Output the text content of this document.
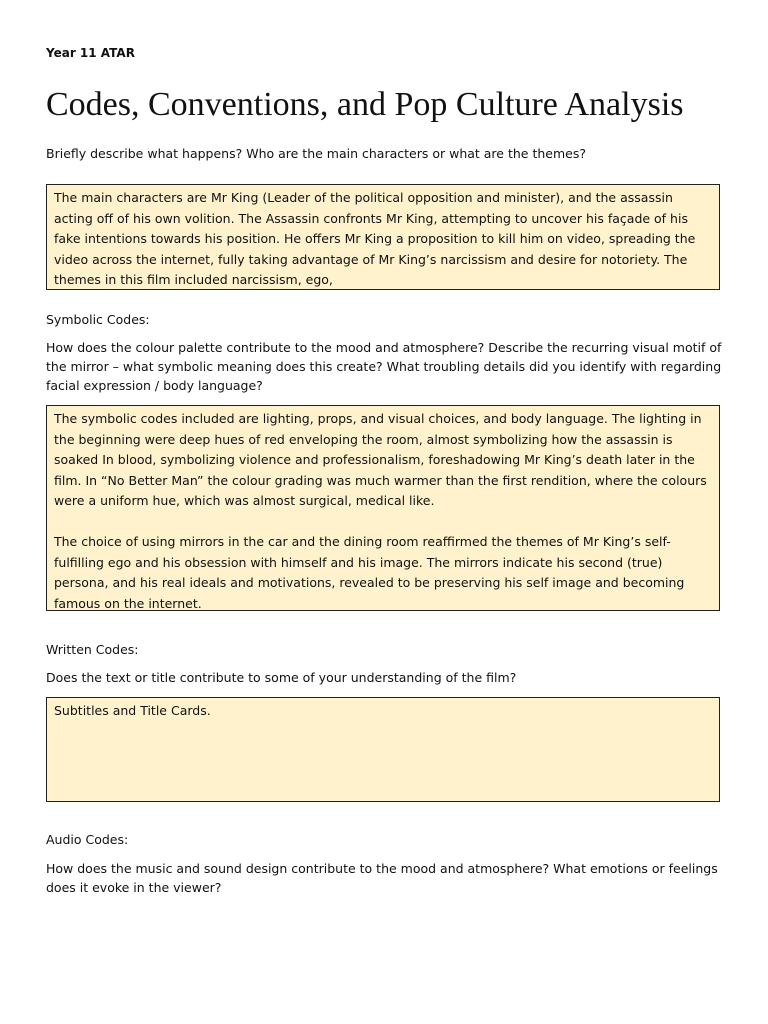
Year 11 ATAR
Codes, Conventions, and Pop Culture Analysis

Briefly describe what happens? Who are the main characters or what are the themes?

The main characters are Mr King (Leader of the political opposition and minister), and the assassin acting off of his own volition. The Assassin confronts Mr King, attempting to uncover his façade of his fake intentions towards his position. He offers Mr King a proposition to kill him on video, spreading the video across the internet, fully taking advantage of Mr King’s narcissism and desire for notoriety. The themes in this film included narcissism, ego,

Symbolic Codes:

How does the colour palette contribute to the mood and atmosphere? Describe the recurring visual motif of the mirror – what symbolic meaning does this create? What troubling details did you identify with regarding facial expression / body language?

The symbolic codes included are lighting, props, and visual choices, and body language. The lighting in the beginning were deep hues of red enveloping the room, almost symbolizing how the assassin is soaked In blood, symbolizing violence and professionalism, foreshadowing Mr King’s death later in the film. In “No Better Man” the colour grading was much warmer than the first rendition, where the colours were a uniform hue, which was almost surgical, medical like.

The choice of using mirrors in the car and the dining room reaffirmed the themes of Mr King’s self-fulfilling ego and his obsession with himself and his image. The mirrors indicate his second (true) persona, and his real ideals and motivations, revealed to be preserving his self image and becoming famous on the internet.

Written Codes:

Does the text or title contribute to some of your understanding of the film?

Subtitles and Title Cards.

Audio Codes:

How does the music and sound design contribute to the mood and atmosphere? What emotions or feelings does it evoke in the viewer?
